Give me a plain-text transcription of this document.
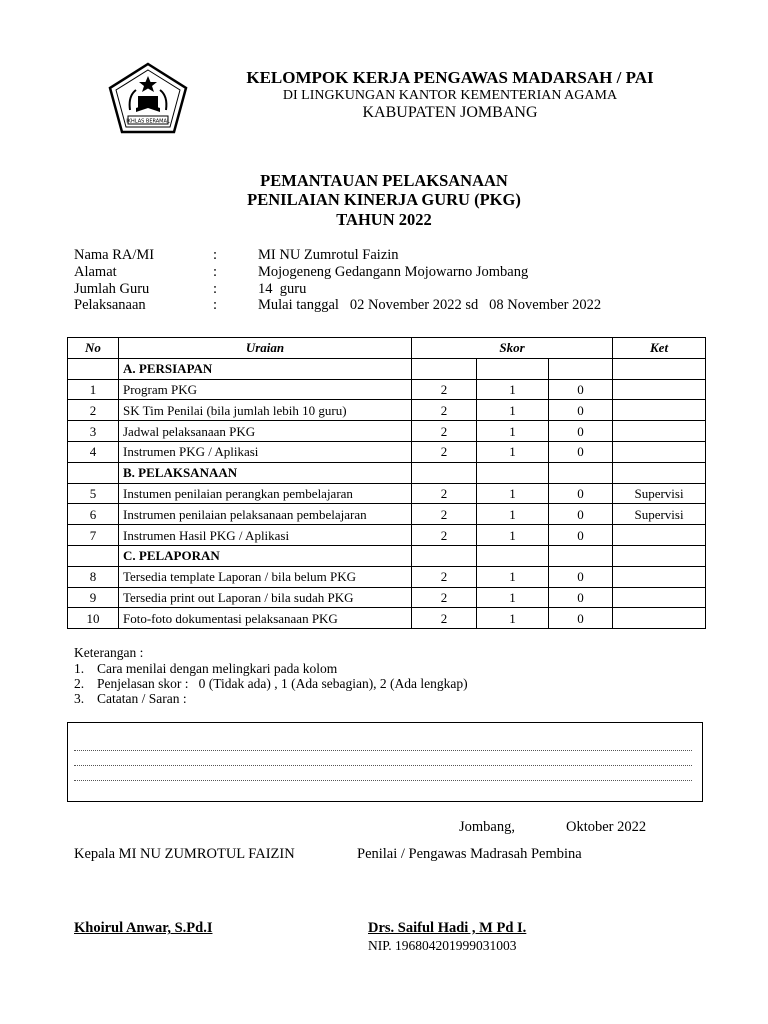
IKHLAS BERAMAL
KELOMPOK KERJA PENGAWAS MADARSAH / PAI
DI LINGKUNGAN KANTOR KEMENTERIAN AGAMA
KABUPATEN JOMBANG
PEMANTAUAN PELAKSANAAN
PENILAIAN KINERJA GURU (PKG)
TAHUN 2022
Nama RA/MI	:	MI NU Zumrotul Faizin
Alamat	:	Mojogeneng Gedangann Mojowarno Jombang
Jumlah Guru	:	14  guru
Pelaksanaan	:	Mulai tanggal   02 November 2022 sd   08 November 2022
No	Uraian	Skor			Ket
	A. PERSIAPAN				
1	Program PKG	2	1	0	
2	SK Tim Penilai (bila jumlah lebih 10 guru)	2	1	0	
3	Jadwal pelaksanaan PKG	2	1	0	
4	Instrumen PKG / Aplikasi	2	1	0	
	B. PELAKSANAAN				
5	Instumen penilaian perangkan pembelajaran	2	1	0	Supervisi
6	Instrumen penilaian pelaksanaan pembelajaran	2	1	0	Supervisi
7	Instrumen Hasil PKG / Aplikasi	2	1	0	
	C. PELAPORAN				
8	Tersedia template Laporan / bila belum PKG	2	1	0	
9	Tersedia print out Laporan / bila sudah PKG	2	1	0	
10	Foto-foto dokumentasi pelaksanaan PKG	2	1	0	
Keterangan :
1. Cara menilai dengan melingkari pada kolom
2. Penjelasan skor :   0 (Tidak ada) , 1 (Ada sebagian), 2 (Ada lengkap)
3. Catatan / Saran :
Jombang,	Oktober 2022
Kepala MI NU ZUMROTUL FAIZIN	Penilai / Pengawas Madrasah Pembina
Khoirul Anwar, S.Pd.I	Drs. Saiful Hadi , M Pd I.
NIP. 196804201999031003
